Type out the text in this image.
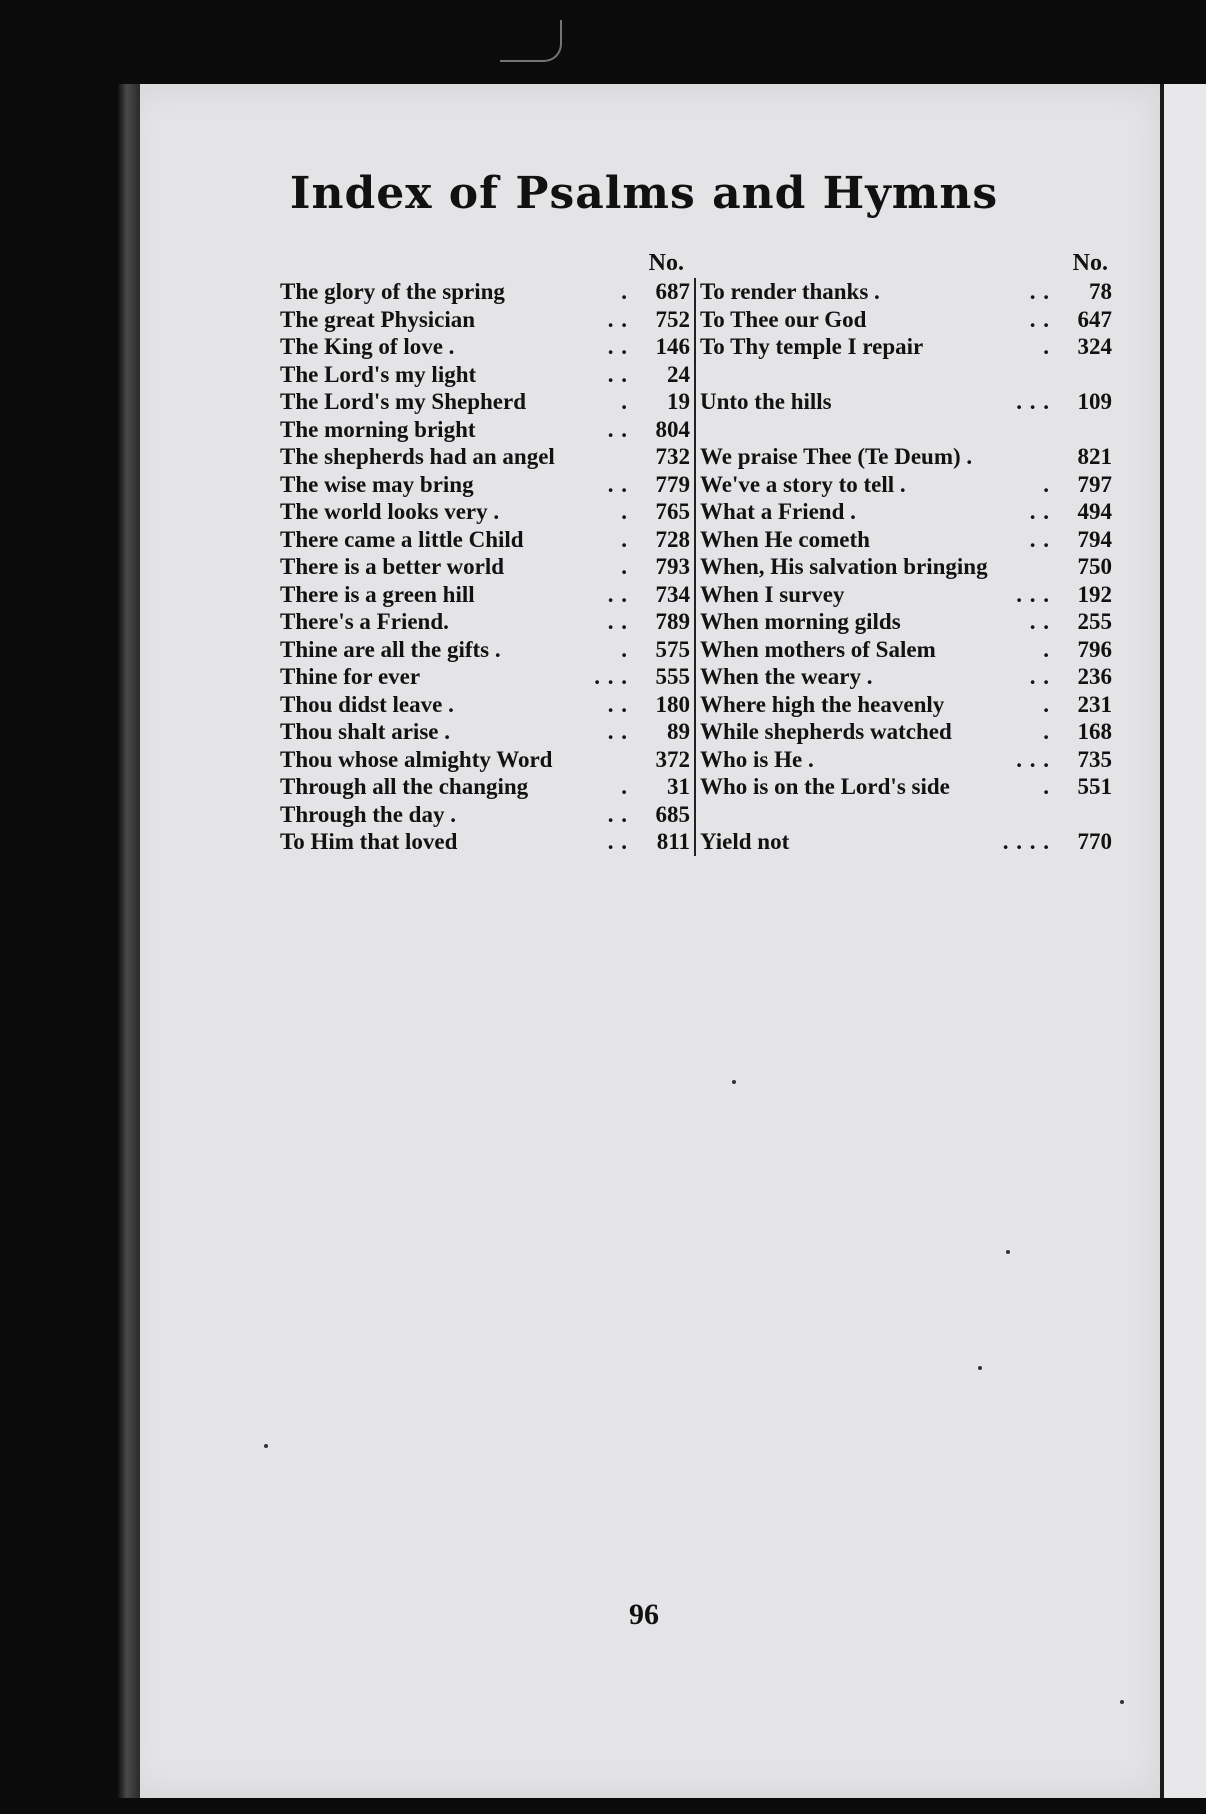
Index of Psalms and Hymns
No.
The glory of the spring	.	687
The great Physician	. .	752
The King of love .	. .	146
The Lord's my light	. .	24
The Lord's my Shepherd	.	19
The morning bright	. .	804
The shepherds had an angel	732
The wise may bring	. .	779
The world looks very .	.	765
There came a little Child	.	728
There is a better world	.	793
There is a green hill	. .	734
There's a Friend.	. .	789
Thine are all the gifts .	.	575
Thine for ever	. . .	555
Thou didst leave .	. .	180
Thou shalt arise .	. .	89
Thou whose almighty Word	372
Through all the changing	.	31
Through the day .	. .	685
To Him that loved	. .	811
No.
To render thanks .	. .	78
To Thee our God	. .	647
To Thy temple I repair	.	324
Unto the hills	. . .	109
We praise Thee (Te Deum) .	821
We've a story to tell .	.	797
What a Friend .	. .	494
When He cometh	. .	794
When, His salvation bringing	750
When I survey	. . .	192
When morning gilds	. .	255
When mothers of Salem	.	796
When the weary .	. .	236
Where high the heavenly	.	231
While shepherds watched	.	168
Who is He .	. . .	735
Who is on the Lord's side	.	551
Yield not	. . . .	770
96
